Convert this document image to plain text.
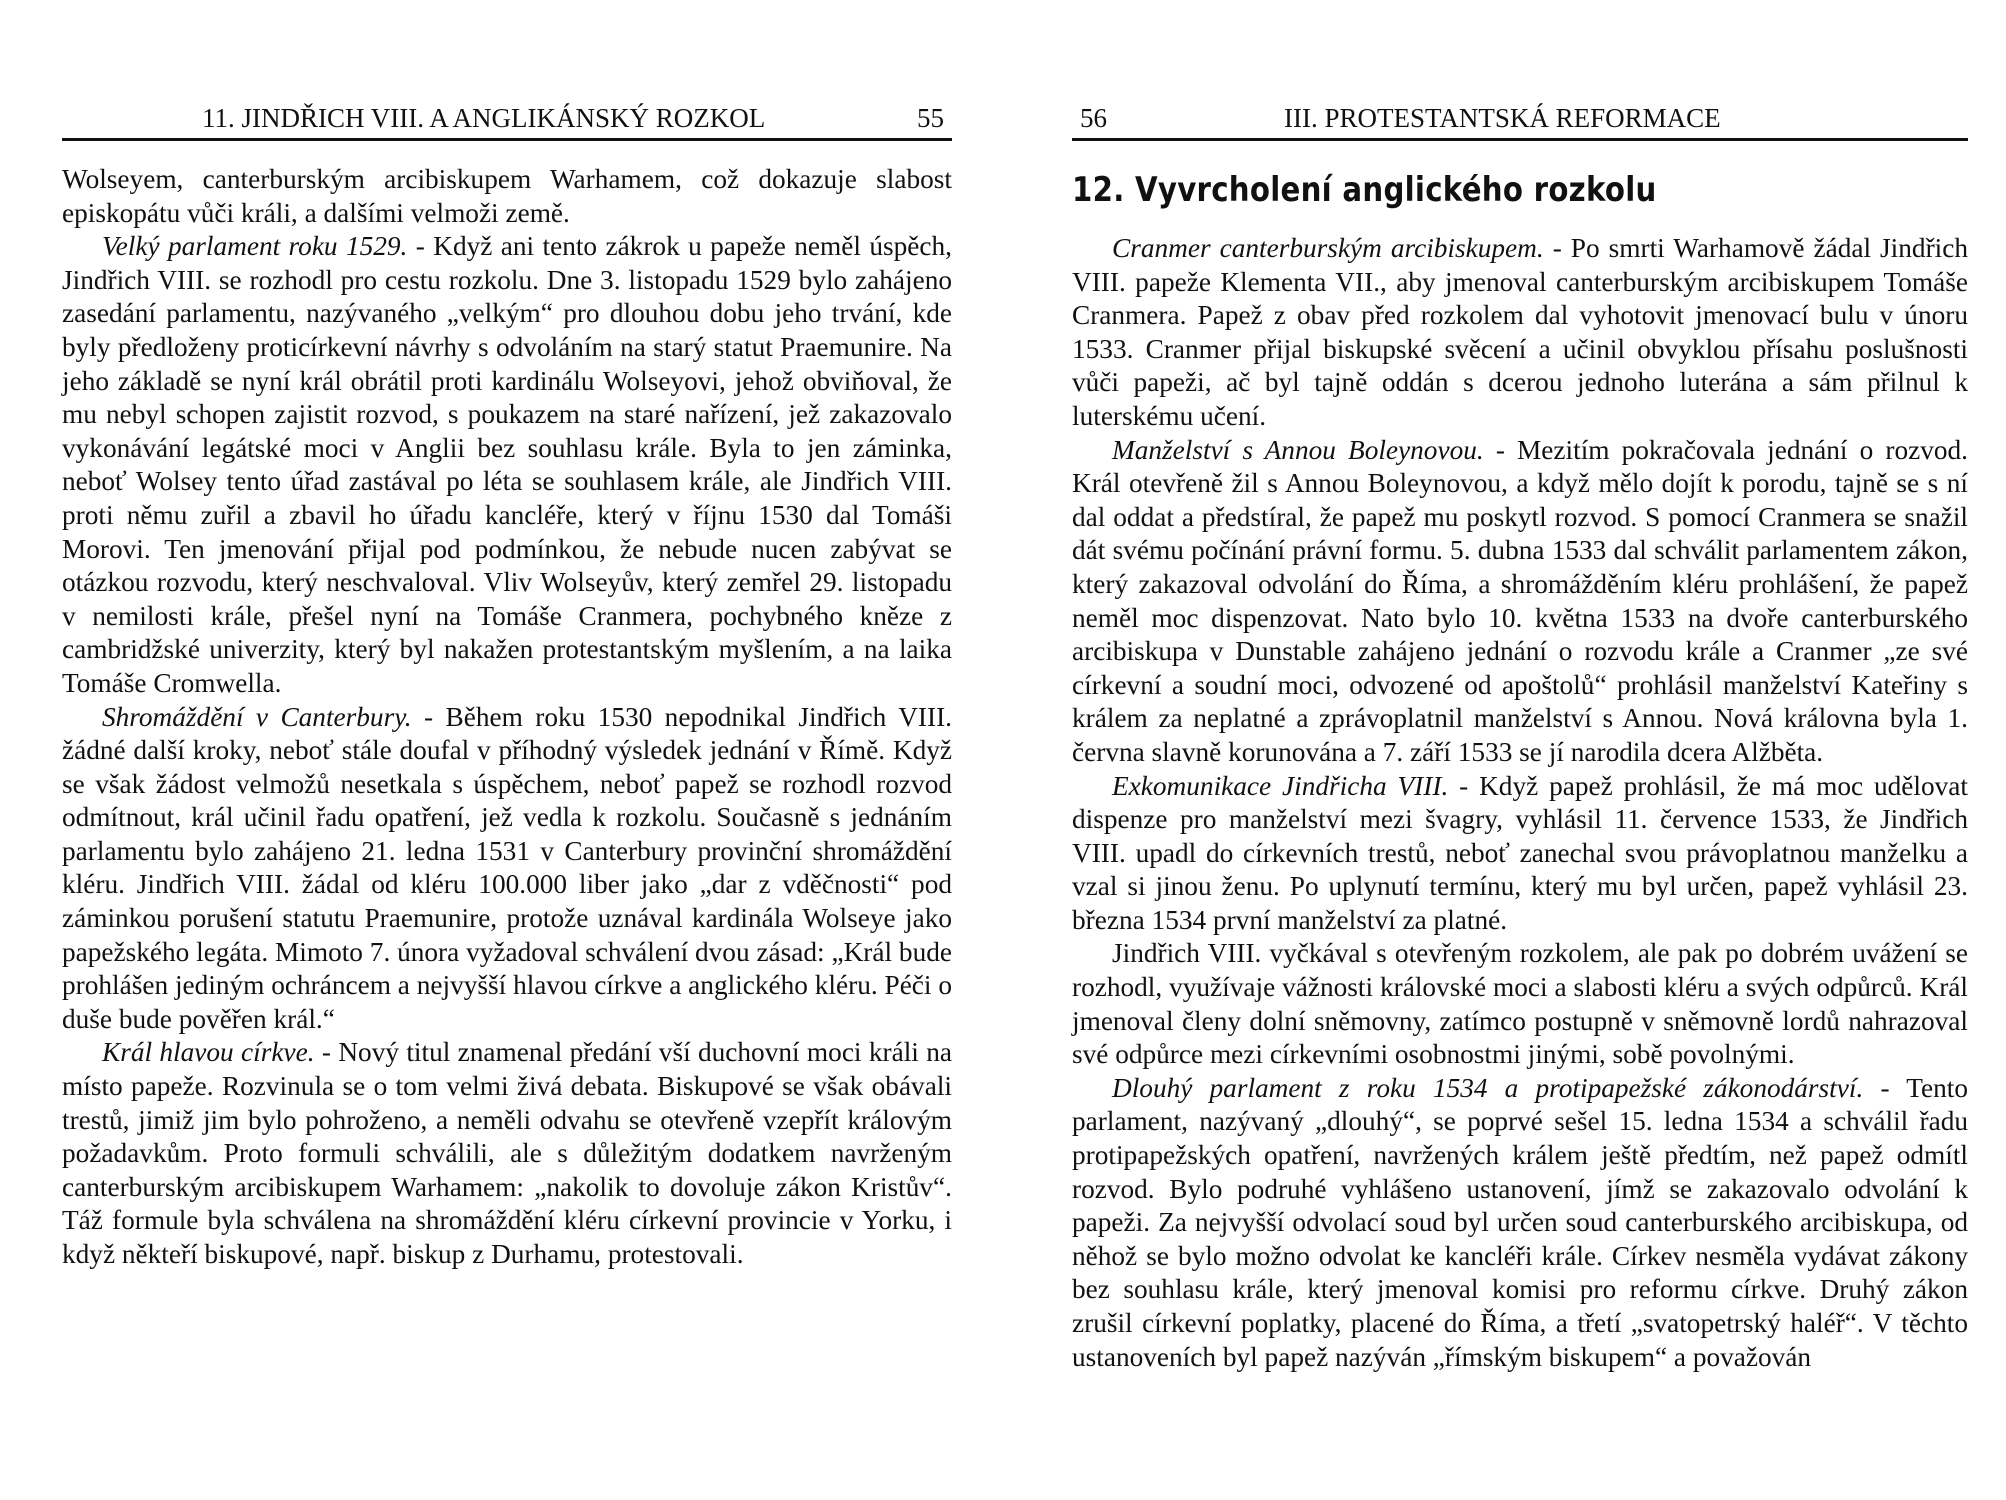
11. JINDŘICH VIII. A ANGLIKÁNSKÝ ROZKOL	55

Wolseyem, canterburským arcibiskupem Warhamem, což dokazuje slabost episkopátu vůči králi, a dalšími velmoži země.

Velký parlament roku 1529. - Když ani tento zákrok u papeže neměl úspěch, Jindřich VIII. se rozhodl pro cestu rozkolu. Dne 3. listopadu 1529 bylo zahájeno zasedání parlamentu, nazývaného „velkým“ pro dlouhou dobu jeho trvání, kde byly předloženy proticírkevní návrhy s odvoláním na starý statut Praemunire. Na jeho základě se nyní král obrátil proti kardinálu Wolseyovi, jehož obviňoval, že mu nebyl schopen zajistit rozvod, s poukazem na staré nařízení, jež zakazovalo vykonávání legátské moci v Anglii bez souhlasu krále. Byla to jen záminka, neboť Wolsey tento úřad zastával po léta se souhlasem krále, ale Jindřich VIII. proti němu zuřil a zbavil ho úřadu kancléře, který v říjnu 1530 dal Tomáši Morovi. Ten jmenování přijal pod podmínkou, že nebude nucen zabývat se otázkou rozvodu, který neschvaloval. Vliv Wolseyův, který zemřel 29. listopadu v nemilosti krále, přešel nyní na Tomáše Cranmera, pochybného kněze z cambridžské univerzity, který byl nakažen protestantským myšlením, a na laika Tomáše Cromwella.

Shromáždění v Canterbury. - Během roku 1530 nepodnikal Jindřich VIII. žádné další kroky, neboť stále doufal v příhodný výsledek jednání v Římě. Když se však žádost velmožů nesetkala s úspěchem, neboť papež se rozhodl rozvod odmítnout, král učinil řadu opatření, jež vedla k rozkolu. Současně s jednáním parlamentu bylo zahájeno 21. ledna 1531 v Canterbury provinční shromáždění kléru. Jindřich VIII. žádal od kléru 100.000 liber jako „dar z vděčnosti“ pod záminkou porušení statutu Praemunire, protože uznával kardinála Wolseye jako papežského legáta. Mimoto 7. února vyžadoval schválení dvou zásad: „Král bude prohlášen jediným ochráncem a nejvyšší hlavou církve a anglického kléru. Péči o duše bude pověřen král.“

Král hlavou církve. - Nový titul znamenal předání vší duchovní moci králi na místo papeže. Rozvinula se o tom velmi živá debata. Biskupové se však obávali trestů, jimiž jim bylo pohroženo, a neměli odvahu se otevřeně vzepřít královým požadavkům. Proto formuli schválili, ale s důležitým dodatkem navrženým canterburským arcibiskupem Warhamem: „nakolik to dovoluje zákon Kristův“. Táž formule byla schválena na shromáždění kléru církevní provincie v Yorku, i když někteří biskupové, např. biskup z Durhamu, protestovali.

56	III. PROTESTANTSKÁ REFORMACE
12. Vyvrcholení anglického rozkolu

Cranmer canterburským arcibiskupem. - Po smrti Warhamově žádal Jindřich VIII. papeže Klementa VII., aby jmenoval canterburským arcibiskupem Tomáše Cranmera. Papež z obav před rozkolem dal vyhotovit jmenovací bulu v únoru 1533. Cranmer přijal biskupské svěcení a učinil obvyklou přísahu poslušnosti vůči papeži, ač byl tajně oddán s dcerou jednoho luterána a sám přilnul k luterskému učení.

Manželství s Annou Boleynovou. - Mezitím pokračovala jednání o rozvod. Král otevřeně žil s Annou Boleynovou, a když mělo dojít k porodu, tajně se s ní dal oddat a předstíral, že papež mu poskytl rozvod. S pomocí Cranmera se snažil dát svému počínání právní formu. 5. dubna 1533 dal schválit parlamentem zákon, který zakazoval odvolání do Říma, a shromážděním kléru prohlášení, že papež neměl moc dispenzovat. Nato bylo 10. května 1533 na dvoře canterburského arcibiskupa v Dunstable zahájeno jednání o rozvodu krále a Cranmer „ze své církevní a soudní moci, odvozené od apoštolů“ prohlásil manželství Kateřiny s králem za neplatné a zprávoplatnil manželství s Annou. Nová královna byla 1. června slavně korunována a 7. září 1533 se jí narodila dcera Alžběta.

Exkomunikace Jindřicha VIII. - Když papež prohlásil, že má moc udělovat dispenze pro manželství mezi švagry, vyhlásil 11. července 1533, že Jindřich VIII. upadl do církevních trestů, neboť zanechal svou právoplatnou manželku a vzal si jinou ženu. Po uplynutí termínu, který mu byl určen, papež vyhlásil 23. března 1534 první manželství za platné.

Jindřich VIII. vyčkával s otevřeným rozkolem, ale pak po dobrém uvážení se rozhodl, využívaje vážnosti královské moci a slabosti kléru a svých odpůrců. Král jmenoval členy dolní sněmovny, zatímco postupně v sněmovně lordů nahrazoval své odpůrce mezi církevními osobnostmi jinými, sobě povolnými.

Dlouhý parlament z roku 1534 a protipapežské zákonodárství. - Tento parlament, nazývaný „dlouhý“, se poprvé sešel 15. ledna 1534 a schválil řadu protipapežských opatření, navržených králem ještě předtím, než papež odmítl rozvod. Bylo podruhé vyhlášeno ustanovení, jímž se zakazovalo odvolání k papeži. Za nejvyšší odvolací soud byl určen soud canterburského arcibiskupa, od něhož se bylo možno odvolat ke kancléři krále. Církev nesměla vydávat zákony bez souhlasu krále, který jmenoval komisi pro reformu církve. Druhý zákon zrušil církevní poplatky, placené do Říma, a třetí „svatopetrský haléř“. V těchto ustanoveních byl papež nazýván „římským biskupem“ a považován
